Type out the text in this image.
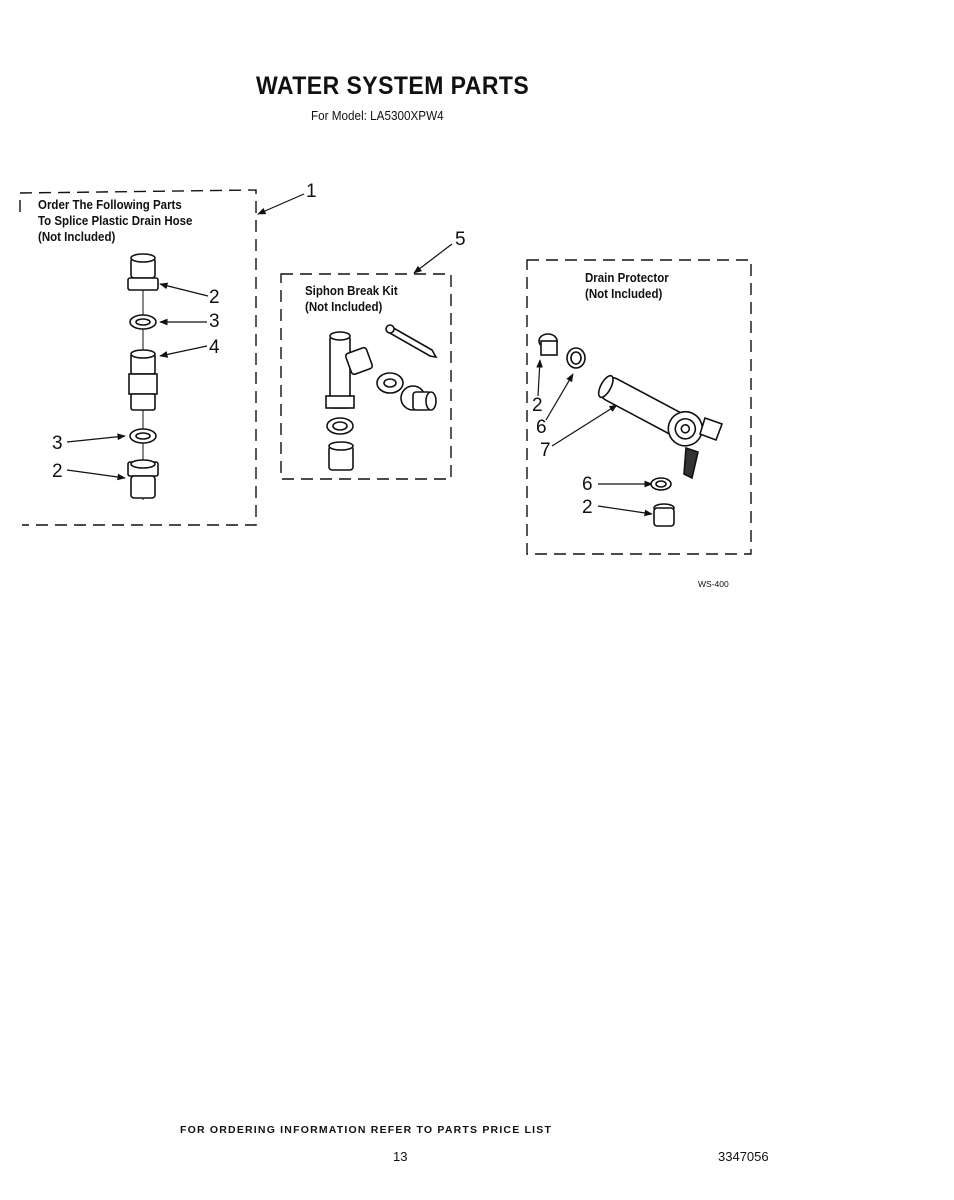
WATER SYSTEM PARTS
For Model: LA5300XPW4
Order The Following Parts
To Splice Plastic Drain Hose
(Not Included)
Siphon Break Kit
(Not Included)
Drain Protector
(Not Included)
1
2
3
4
3
2
5
2
6
7
6
2
WS-400
FOR ORDERING INFORMATION REFER TO PARTS PRICE LIST
13	3347056
